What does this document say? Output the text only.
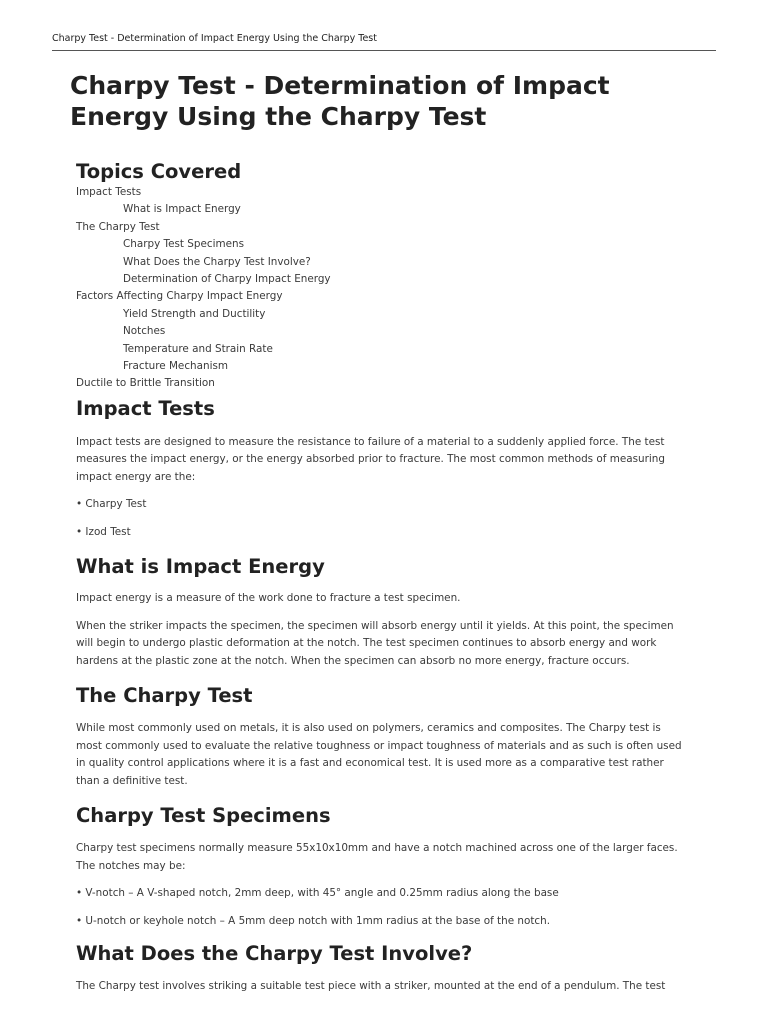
Charpy Test - Determination of Impact Energy Using the Charpy Test
Charpy Test - Determination of Impact Energy Using the Charpy Test
Topics Covered
Impact Tests
What is Impact Energy
The Charpy Test
Charpy Test Specimens
What Does the Charpy Test Involve?
Determination of Charpy Impact Energy
Factors Affecting Charpy Impact Energy
Yield Strength and Ductility
Notches
Temperature and Strain Rate
Fracture Mechanism
Ductile to Brittle Transition
Impact Tests

Impact tests are designed to measure the resistance to failure of a material to a suddenly applied force. The test measures the impact energy, or the energy absorbed prior to fracture. The most common methods of measuring impact energy are the:

• Charpy Test

• Izod Test

What is Impact Energy

Impact energy is a measure of the work done to fracture a test specimen.

When the striker impacts the specimen, the specimen will absorb energy until it yields. At this point, the specimen will begin to undergo plastic deformation at the notch. The test specimen continues to absorb energy and work hardens at the plastic zone at the notch. When the specimen can absorb no more energy, fracture occurs.

The Charpy Test

While most commonly used on metals, it is also used on polymers, ceramics and composites. The Charpy test is most commonly used to evaluate the relative toughness or impact toughness of materials and as such is often used in quality control applications where it is a fast and economical test. It is used more as a comparative test rather than a definitive test.

Charpy Test Specimens

Charpy test specimens normally measure 55x10x10mm and have a notch machined across one of the larger faces. The notches may be:

• V-notch – A V-shaped notch, 2mm deep, with 45° angle and 0.25mm radius along the base

• U-notch or keyhole notch – A 5mm deep notch with 1mm radius at the base of the notch.

What Does the Charpy Test Involve?

The Charpy test involves striking a suitable test piece with a striker, mounted at the end of a pendulum. The test
